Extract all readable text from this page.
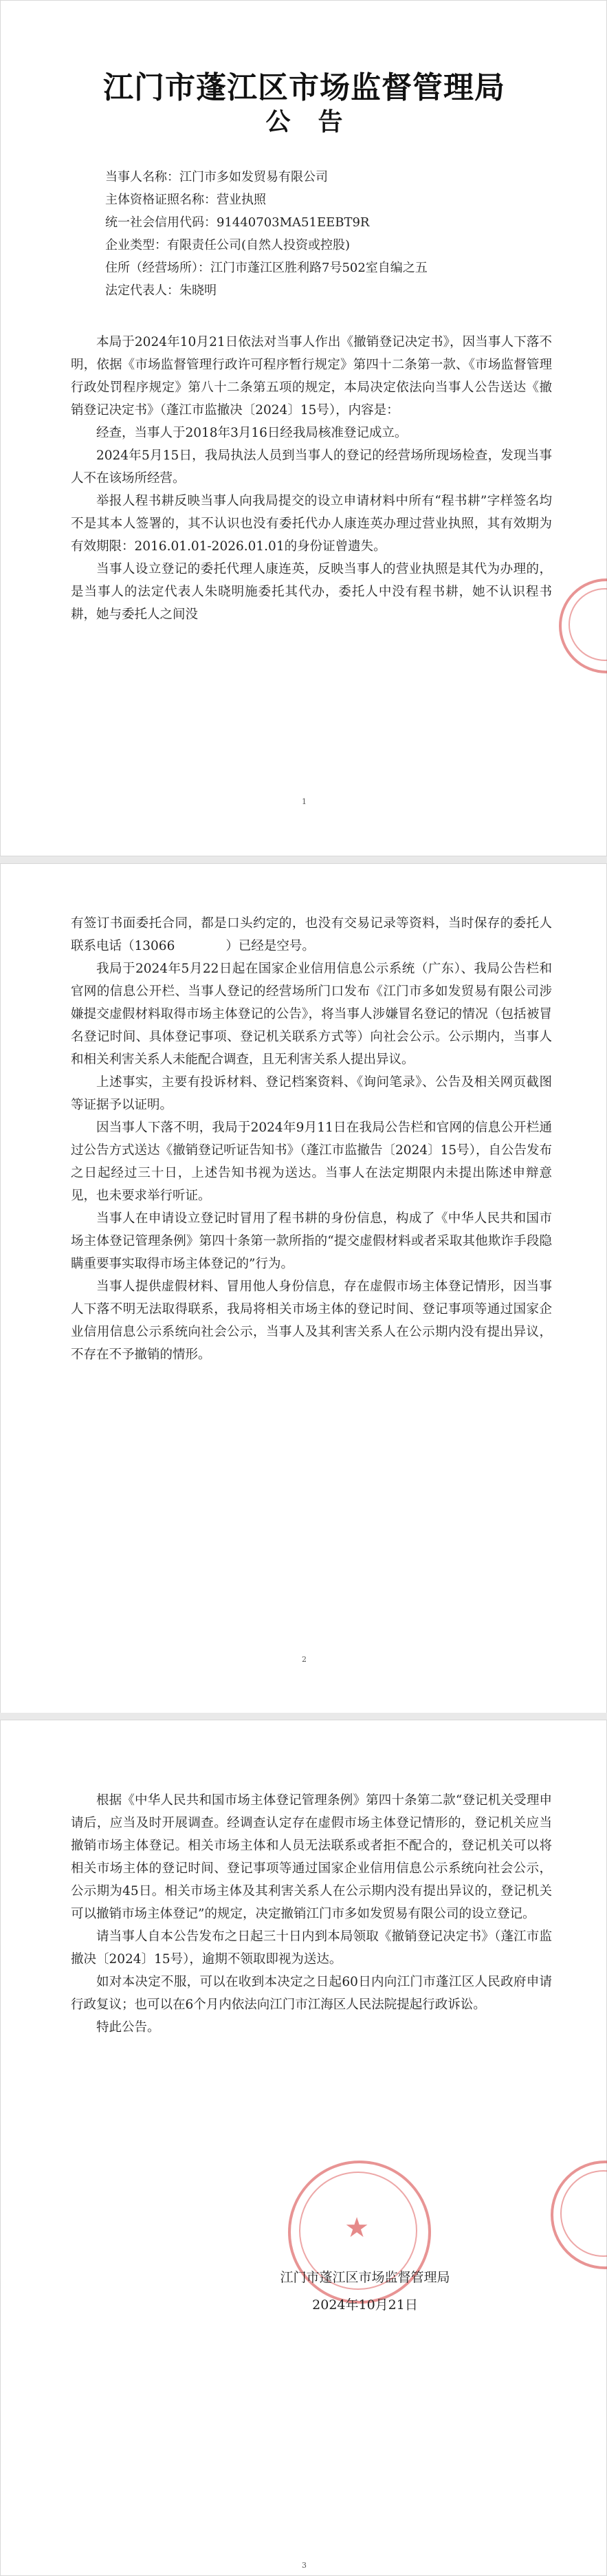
江门市蓬江区市场监督管理局
公告
当事人名称：江门市多如发贸易有限公司
主体资格证照名称：营业执照
统一社会信用代码：91440703MA51EEBT9R
企业类型：有限责任公司(自然人投资或控股)
住所（经营场所）：江门市蓬江区胜利路7号502室自编之五
法定代表人：朱晓明

本局于2024年10月21日依法对当事人作出《撤销登记决定书》，因当事人下落不明，依据《市场监督管理行政许可程序暂行规定》第四十二条第一款、《市场监督管理行政处罚程序规定》第八十二条第五项的规定，本局决定依法向当事人公告送达《撤销登记决定书》（蓬江市监撤决〔2024〕15号），内容是：

经查，当事人于2018年3月16日经我局核准登记成立。

2024年5月15日，我局执法人员到当事人的登记的经营场所现场检查，发现当事人不在该场所经营。

举报人程书耕反映当事人向我局提交的设立申请材料中所有“程书耕”字样签名均不是其本人签署的，其不认识也没有委托代办人康连英办理过营业执照，其有效期为有效期限：2016.01.01-2026.01.01的身份证曾遗失。

当事人设立登记的委托代理人康连英，反映当事人的营业执照是其代为办理的，是当事人的法定代表人朱晓明施委托其代办，委托人中没有程书耕，她不认识程书耕，她与委托人之间没

1

有签订书面委托合同，都是口头约定的，也没有交易记录等资料，当时保存的委托人联系电话（13066　　　　）已经是空号。

我局于2024年5月22日起在国家企业信用信息公示系统（广东）、我局公告栏和官网的信息公开栏、当事人登记的经营场所门口发布《江门市多如发贸易有限公司涉嫌提交虚假材料取得市场主体登记的公告》，将当事人涉嫌冒名登记的情况（包括被冒名登记时间、具体登记事项、登记机关联系方式等）向社会公示。公示期内，当事人和相关利害关系人未能配合调查，且无利害关系人提出异议。

上述事实，主要有投诉材料、登记档案资料、《询问笔录》、公告及相关网页截图等证据予以证明。

因当事人下落不明，我局于2024年9月11日在我局公告栏和官网的信息公开栏通过公告方式送达《撤销登记听证告知书》（蓬江市监撤告〔2024〕15号），自公告发布之日起经过三十日，上述告知书视为送达。当事人在法定期限内未提出陈述申辩意见，也未要求举行听证。

当事人在申请设立登记时冒用了程书耕的身份信息，构成了《中华人民共和国市场主体登记管理条例》第四十条第一款所指的“提交虚假材料或者采取其他欺诈手段隐瞒重要事实取得市场主体登记的”行为。

当事人提供虚假材料、冒用他人身份信息，存在虚假市场主体登记情形，因当事人下落不明无法取得联系，我局将相关市场主体的登记时间、登记事项等通过国家企业信用信息公示系统向社会公示，当事人及其利害关系人在公示期内没有提出异议，不存在不予撤销的情形。

2

根据《中华人民共和国市场主体登记管理条例》第四十条第二款“登记机关受理申请后，应当及时开展调查。经调查认定存在虚假市场主体登记情形的，登记机关应当撤销市场主体登记。相关市场主体和人员无法联系或者拒不配合的，登记机关可以将相关市场主体的登记时间、登记事项等通过国家企业信用信息公示系统向社会公示，公示期为45日。相关市场主体及其利害关系人在公示期内没有提出异议的，登记机关可以撤销市场主体登记”的规定，决定撤销江门市多如发贸易有限公司的设立登记。

请当事人自本公告发布之日起三十日内到本局领取《撤销登记决定书》（蓬江市监撤决〔2024〕15号），逾期不领取即视为送达。

如对本决定不服，可以在收到本决定之日起60日内向江门市蓬江区人民政府申请行政复议；也可以在6个月内依法向江门市江海区人民法院提起行政诉讼。

特此公告。

★
江门市蓬江区市场监督管理局
2024年10月21日
3
